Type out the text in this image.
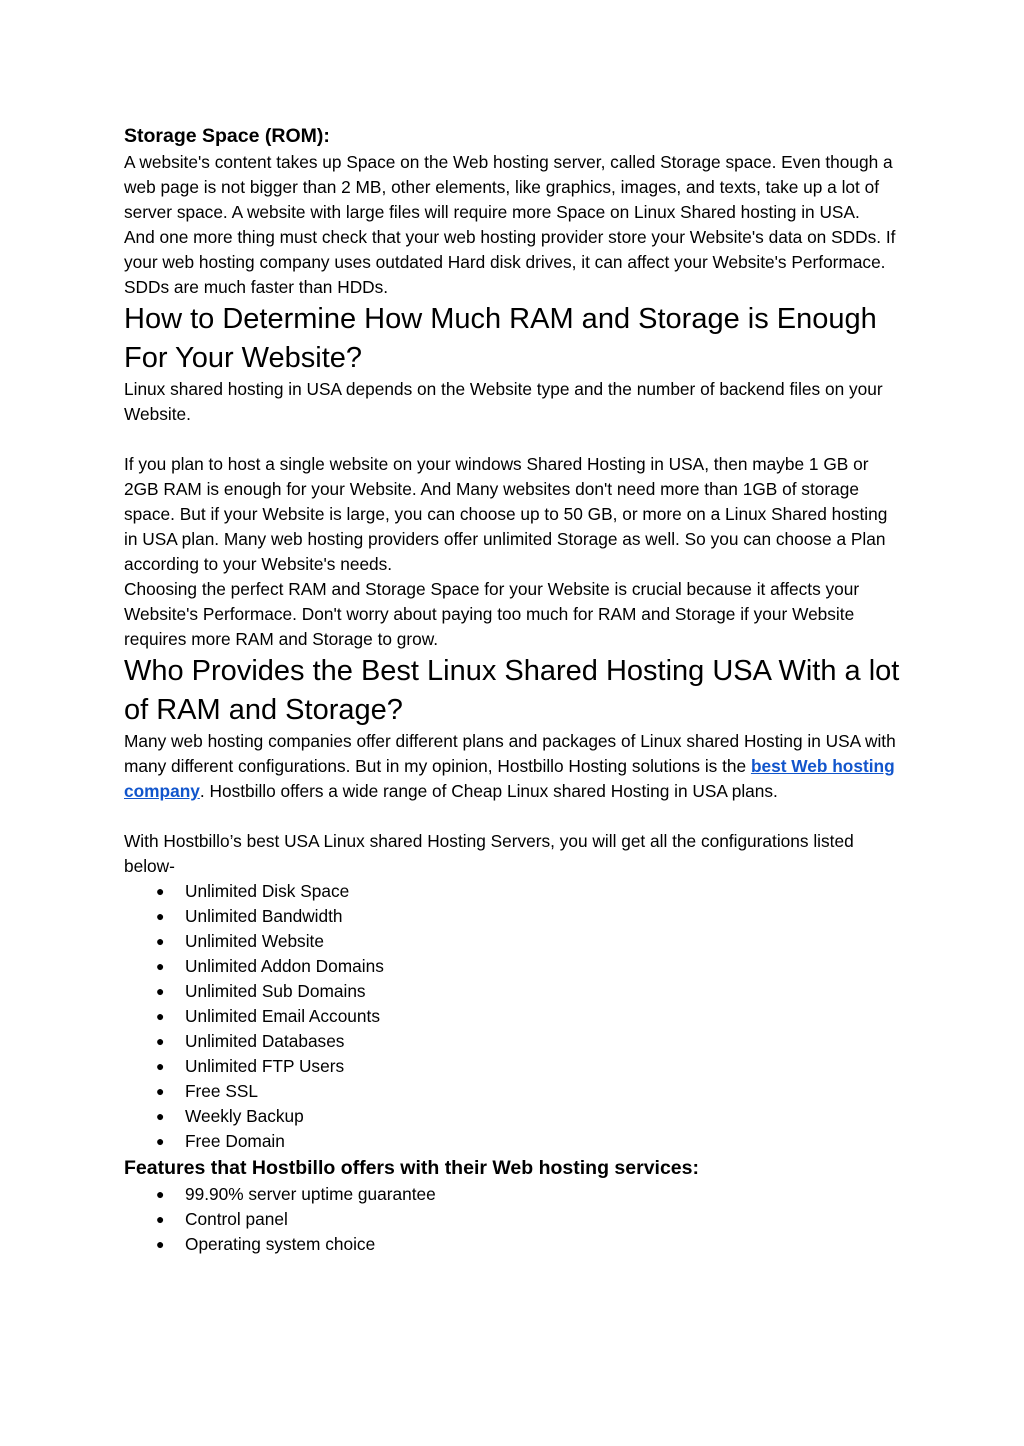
Storage Space (ROM):

A website's content takes up Space on the Web hosting server, called Storage space. Even though a web page is not bigger than 2 MB, other elements, like graphics, images, and texts, take up a lot of server space. A website with large files will require more Space on Linux Shared hosting in USA.

And one more thing must check that your web hosting provider store your Website's data on SDDs. If your web hosting company uses outdated Hard disk drives, it can affect your Website's Performace. SDDs are much faster than HDDs.

How to Determine How Much RAM and Storage is Enough For Your Website?

Linux shared hosting in USA depends on the Website type and the number of backend files on your Website.

If you plan to host a single website on your windows Shared Hosting in USA, then maybe 1 GB or 2GB RAM is enough for your Website. And Many websites don't need more than 1GB of storage space. But if your Website is large, you can choose up to 50 GB, or more on a Linux Shared hosting in USA plan. Many web hosting providers offer unlimited Storage as well. So you can choose a Plan according to your Website's needs.

Choosing the perfect RAM and Storage Space for your Website is crucial because it affects your Website's Performace. Don't worry about paying too much for RAM and Storage if your Website requires more RAM and Storage to grow.

Who Provides the Best Linux Shared Hosting USA With a lot of RAM and Storage?

Many web hosting companies offer different plans and packages of Linux shared Hosting in USA with many different configurations. But in my opinion, Hostbillo Hosting solutions is the best Web hosting company. Hostbillo offers a wide range of Cheap Linux shared Hosting in USA plans.

With Hostbillo’s best USA Linux shared Hosting Servers, you will get all the configurations listed below-

● Unlimited Disk Space
● Unlimited Bandwidth
● Unlimited Website
● Unlimited Addon Domains
● Unlimited Sub Domains
● Unlimited Email Accounts
● Unlimited Databases
● Unlimited FTP Users
● Free SSL
● Weekly Backup
● Free Domain
Features that Hostbillo offers with their Web hosting services:
● 99.90% server uptime guarantee
● Control panel
● Operating system choice
